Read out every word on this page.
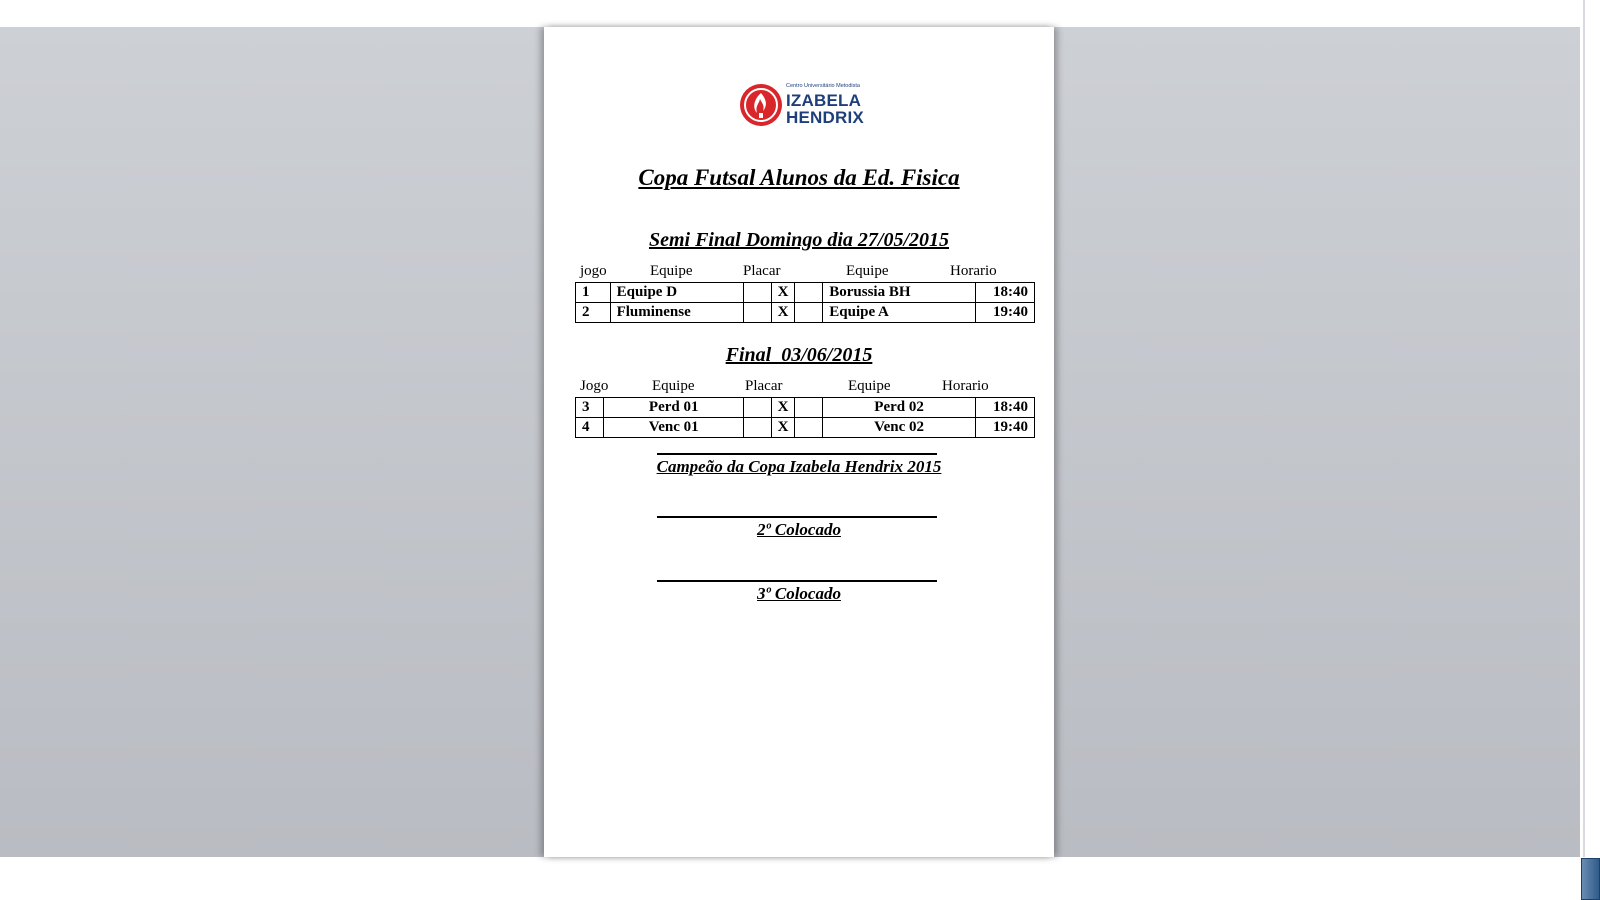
Centro Universitário Metodista
IZABELA
HENDRIX
Copa Futsal Alunos da Ed. Fisica
Semi Final Domingo dia 27/05/2015
jogo	Equipe	Placar	Equipe	Horario
1	Equipe D		X		Borussia BH	18:40
2	Fluminense		X		Equipe A	19:40
Final  03/06/2015
Jogo	Equipe	Placar	Equipe	Horario
3	Perd 01		X		Perd 02	18:40
4	Venc 01		X		Venc 02	19:40
Campeão da Copa Izabela Hendrix 2015
2º Colocado
3º Colocado
